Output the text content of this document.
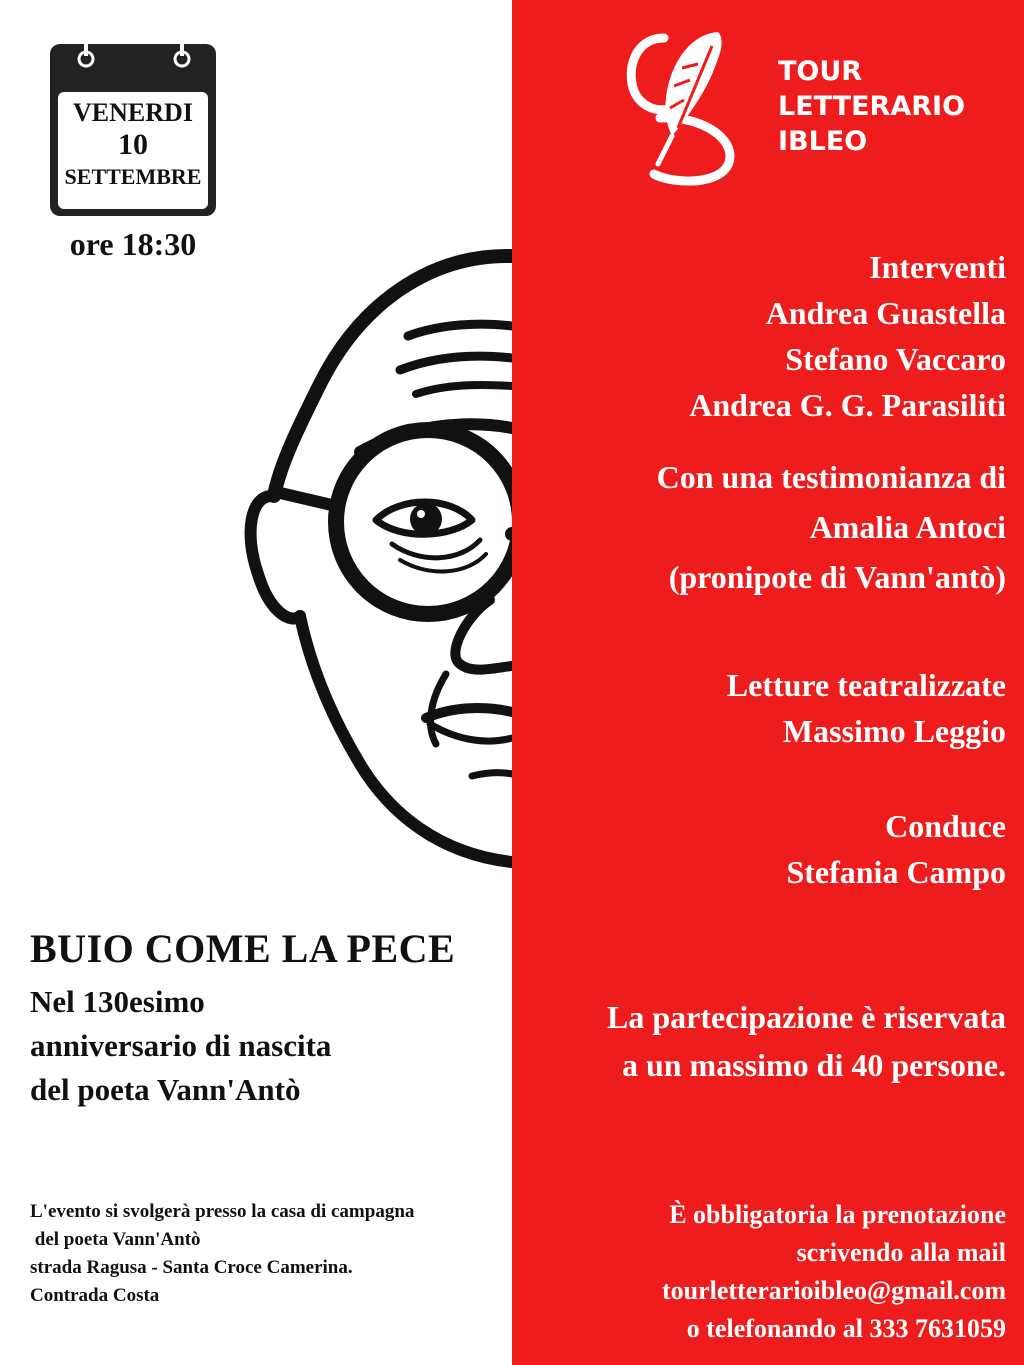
VENERDI
10
SETTEMBRE
ore 18:30
BUIO COME LA PECE
Nel 130esimo
anniversario di nascita
del poeta Vann'Antò
L'evento si svolgerà presso la casa di campagna
del poeta Vann'Antò
strada Ragusa - Santa Croce Camerina.
Contrada Costa
TOUR
LETTERARIO
IBLEO
Interventi
Andrea Guastella
Stefano Vaccaro
Andrea G. G. Parasiliti
Con una testimonianza di
Amalia Antoci
(pronipote di Vann'antò)
Letture teatralizzate
Massimo Leggio
Conduce
Stefania Campo
La partecipazione è riservata
a un massimo di 40 persone.
È obbligatoria la prenotazione
scrivendo alla mail
tourletterarioibleo@gmail.com
o telefonando al 333 7631059
